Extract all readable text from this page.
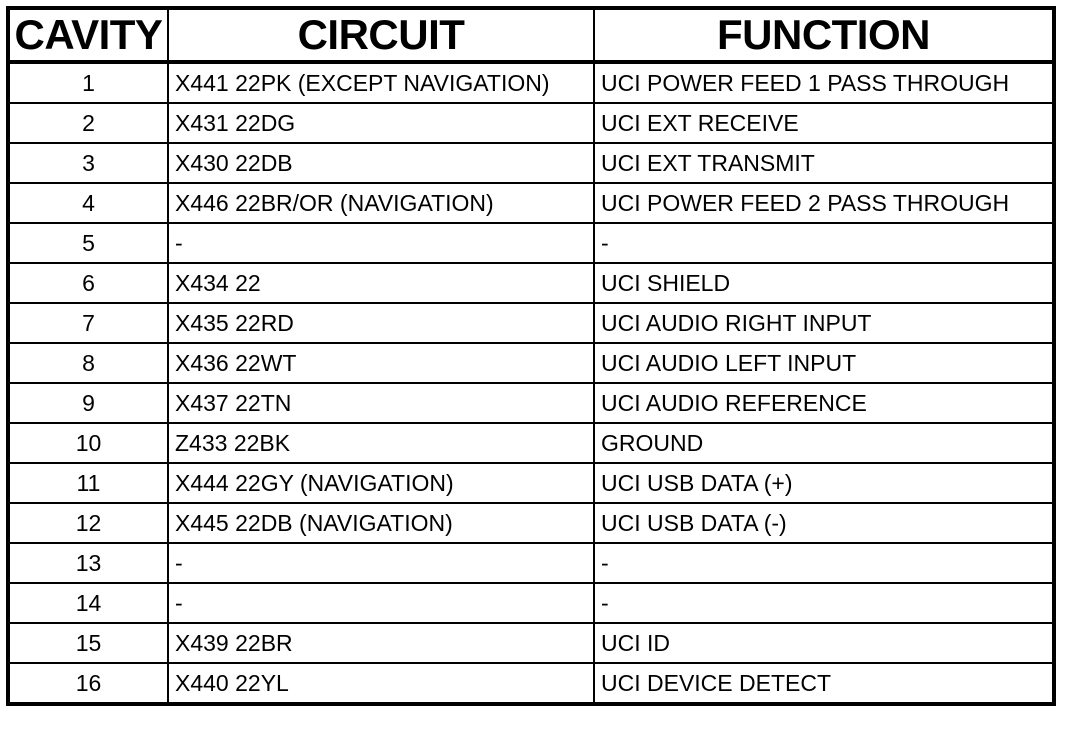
CAVITY	CIRCUIT	FUNCTION
1	X441 22PK (EXCEPT NAVIGATION)	UCI POWER FEED 1 PASS THROUGH
2	X431 22DG	UCI EXT RECEIVE
3	X430 22DB	UCI EXT TRANSMIT
4	X446 22BR/OR (NAVIGATION)	UCI POWER FEED 2 PASS THROUGH
5	-	-
6	X434 22	UCI SHIELD
7	X435 22RD	UCI AUDIO RIGHT INPUT
8	X436 22WT	UCI AUDIO LEFT INPUT
9	X437 22TN	UCI AUDIO REFERENCE
10	Z433 22BK	GROUND
11	X444 22GY (NAVIGATION)	UCI USB DATA (+)
12	X445 22DB (NAVIGATION)	UCI USB DATA (-)
13	-	-
14	-	-
15	X439 22BR	UCI ID
16	X440 22YL	UCI DEVICE DETECT
